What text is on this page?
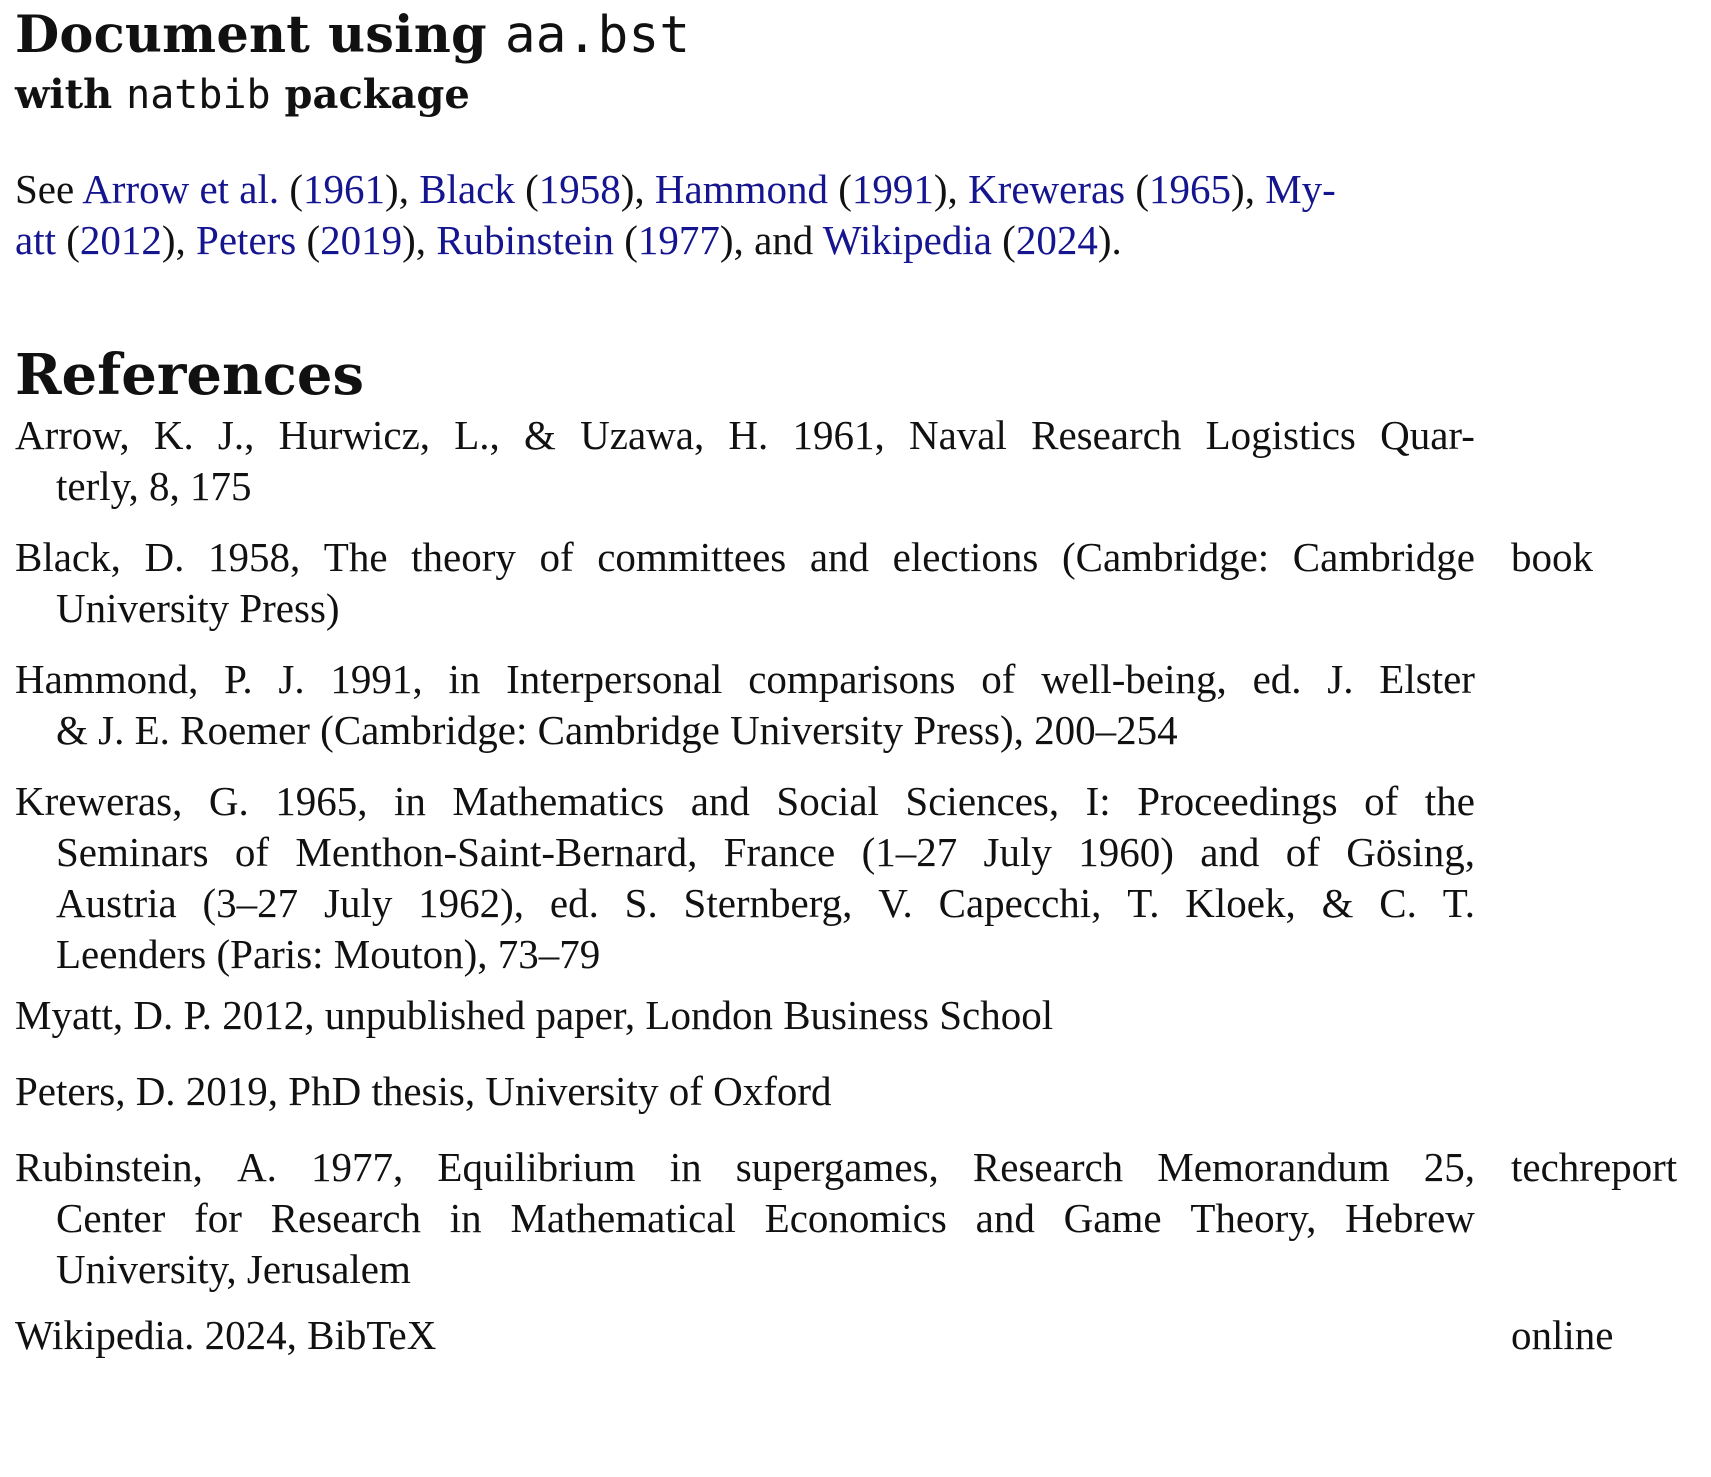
Document using aa.bst
with natbib package
See Arrow et al. (1961), Black (1958), Hammond (1991), Kreweras (1965), My-
att (2012), Peters (2019), Rubinstein (1977), and Wikipedia (2024).
References
Arrow, K. J., Hurwicz, L., & Uzawa, H. 1961, Naval Research Logistics Quar-
terly, 8, 175
Black, D. 1958, The theory of committees and elections (Cambridge: Cambridge
University Press)
book
Hammond, P. J. 1991, in Interpersonal comparisons of well-being, ed. J. Elster
& J. E. Roemer (Cambridge: Cambridge University Press), 200–254
Kreweras, G. 1965, in Mathematics and Social Sciences, I: Proceedings of the
Seminars of Menthon-Saint-Bernard, France (1–27 July 1960) and of Gösing,
Austria (3–27 July 1962), ed. S. Sternberg, V. Capecchi, T. Kloek, & C. T.
Leenders (Paris: Mouton), 73–79
Myatt, D. P. 2012, unpublished paper, London Business School
Peters, D. 2019, PhD thesis, University of Oxford
Rubinstein, A. 1977, Equilibrium in supergames, Research Memorandum 25,
Center for Research in Mathematical Economics and Game Theory, Hebrew
University, Jerusalem
techreport
Wikipedia. 2024, BibTeX	online
